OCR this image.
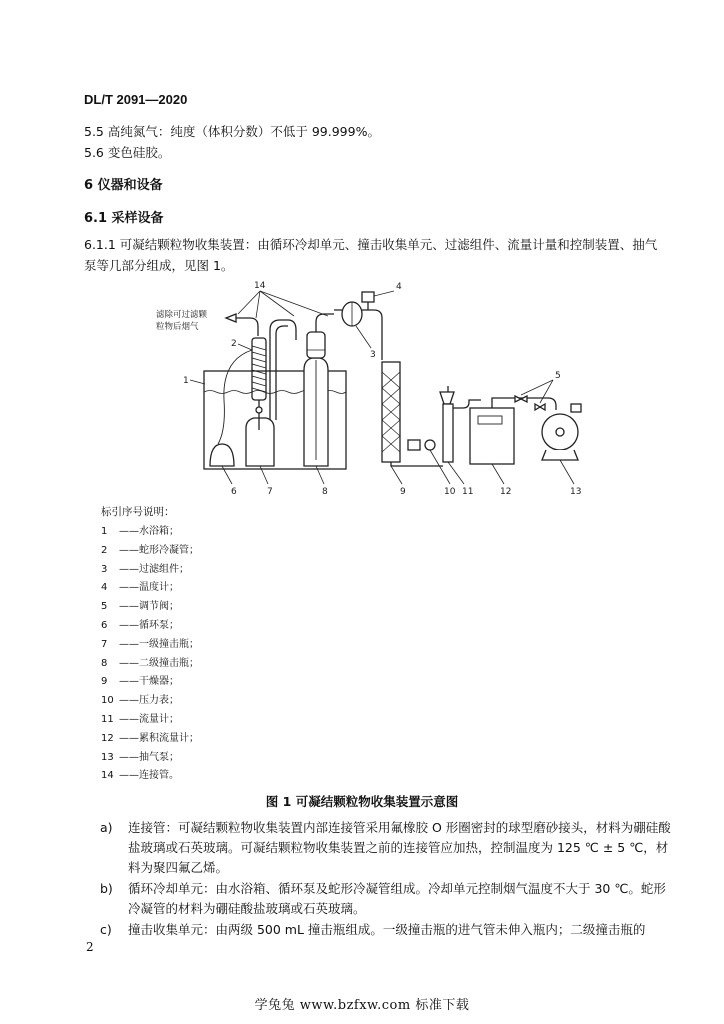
DL/T 2091—2020
5.5 高纯氮气：纯度（体积分数）不低于 99.999%。
5.6 变色硅胶。
6 仪器和设备
6.1 采样设备
6.1.1 可凝结颗粒物收集装置：由循环冷却单元、撞击收集单元、过滤组件、流量计量和控制装置、抽气泵等几部分组成，见图 1。
滤除可过滤颗
粒物后烟气
14	4
3
5
1
2
6	7	8	9	10 11	12	13
标引序号说明：
1 ——水浴箱；
2 ——蛇形冷凝管；
3 ——过滤组件；
4 ——温度计；
5 ——调节阀；
6 ——循环泵；
7 ——一级撞击瓶；
8 ——二级撞击瓶；
9 ——干燥器；
10 ——压力表；
11 ——流量计；
12 ——累积流量计；
13 ——抽气泵；
14 ——连接管。
图 1 可凝结颗粒物收集装置示意图
a) 连接管：可凝结颗粒物收集装置内部连接管采用氟橡胶 O 形圈密封的球型磨砂接头，材料为硼硅酸盐玻璃或石英玻璃。可凝结颗粒物收集装置之前的连接管应加热，控制温度为 125 ℃ ± 5 ℃，材料为聚四氟乙烯。
b) 循环冷却单元：由水浴箱、循环泵及蛇形冷凝管组成。冷却单元控制烟气温度不大于 30 ℃。蛇形冷凝管的材料为硼硅酸盐玻璃或石英玻璃。
c) 撞击收集单元：由两级 500 mL 撞击瓶组成。一级撞击瓶的进气管未伸入瓶内；二级撞击瓶的
2
学兔兔 www.bzfxw.com 标准下载
